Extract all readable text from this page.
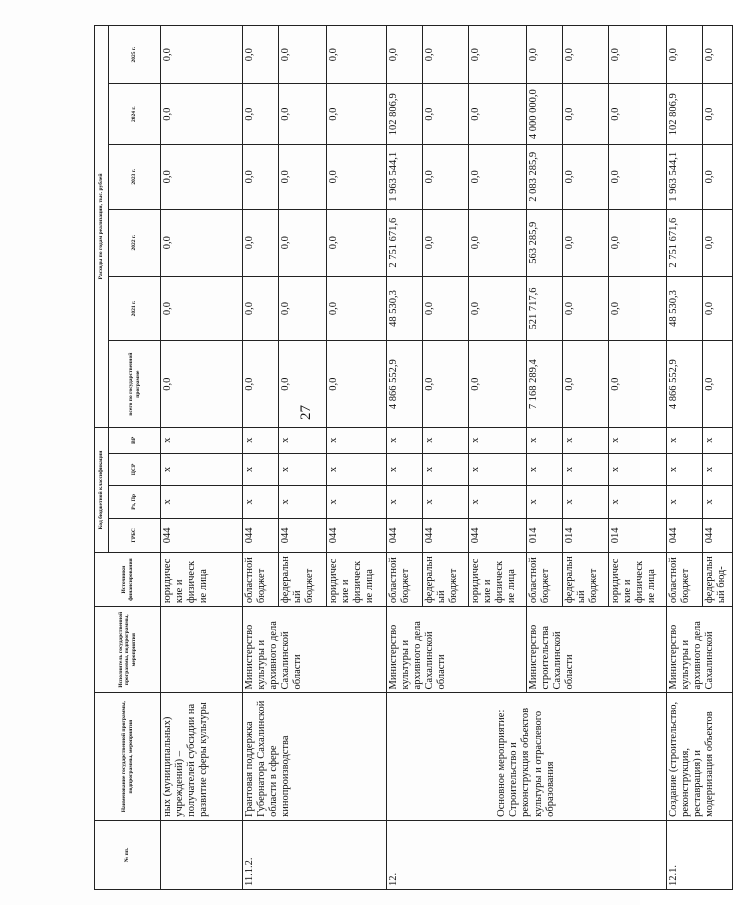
27
№ пп.	Наименование государственной программы, подпрограммы, мероприятия	Исполнитель государственной программы, подпрограммы, мероприятия	Источники финансирования	Код бюджетной классификации				Расходы по годам реализации, тыс. рублей					
				ГРБС	Рз, Пр	ЦСР	ВР	всего по государственной программе	2021 г.	2022 г.	2023 г.	2024 г.	2025 г.
	ных (муниципальных) учреждений) – получателей субсидии на развитие сферы культуры		юридические и физические лица	044	х	х	х	0,0	0,0	0,0	0,0	0,0	0,0
11.1.2.	Грантовая поддержка Губернатора Сахалинской области в сфере кинопроизводства	Министерство культуры и архивного дела Сахалинской области	областной бюджет	044	х	х	х	0,0	0,0	0,0	0,0	0,0	0,0
			федеральный бюджет	044	х	х	х	0,0	0,0	0,0	0,0	0,0	0,0
			юридические и физические лица	044	х	х	х	0,0	0,0	0,0	0,0	0,0	0,0
12.	Основное мероприятие: Строительство и реконструкция объектов культуры и отраслевого образования	Министерство культуры и архивного дела Сахалинской области	областной бюджет	044	х	х	х	4 866 552,9	48 530,3	2 751 671,6	1 963 544,1	102 806,9	0,0
			федеральный бюджет	044	х	х	х	0,0	0,0	0,0	0,0	0,0	0,0
			юридические и физические лица	044	х	х	х	0,0	0,0	0,0	0,0	0,0	0,0
		Министерство строительства Сахалинской области	областной бюджет	014	х	х	х	7 168 289,4	521 717,6	563 285,9	2 083 285,9	4 000 000,0	0,0
			федеральный бюджет	014	х	х	х	0,0	0,0	0,0	0,0	0,0	0,0
			юридические и физические лица	014	х	х	х	0,0	0,0	0,0	0,0	0,0	0,0
12.1.	Создание (строительство, реконструкция, реставрация) и модернизация объектов	Министерство культуры и архивного дела Сахалинской	областной бюджет	044	х	х	х	4 866 552,9	48 530,3	2 751 671,6	1 963 544,1	102 806,9	0,0
			федеральный бюд-	044	х	х	х	0,0	0,0	0,0	0,0	0,0	0,0
